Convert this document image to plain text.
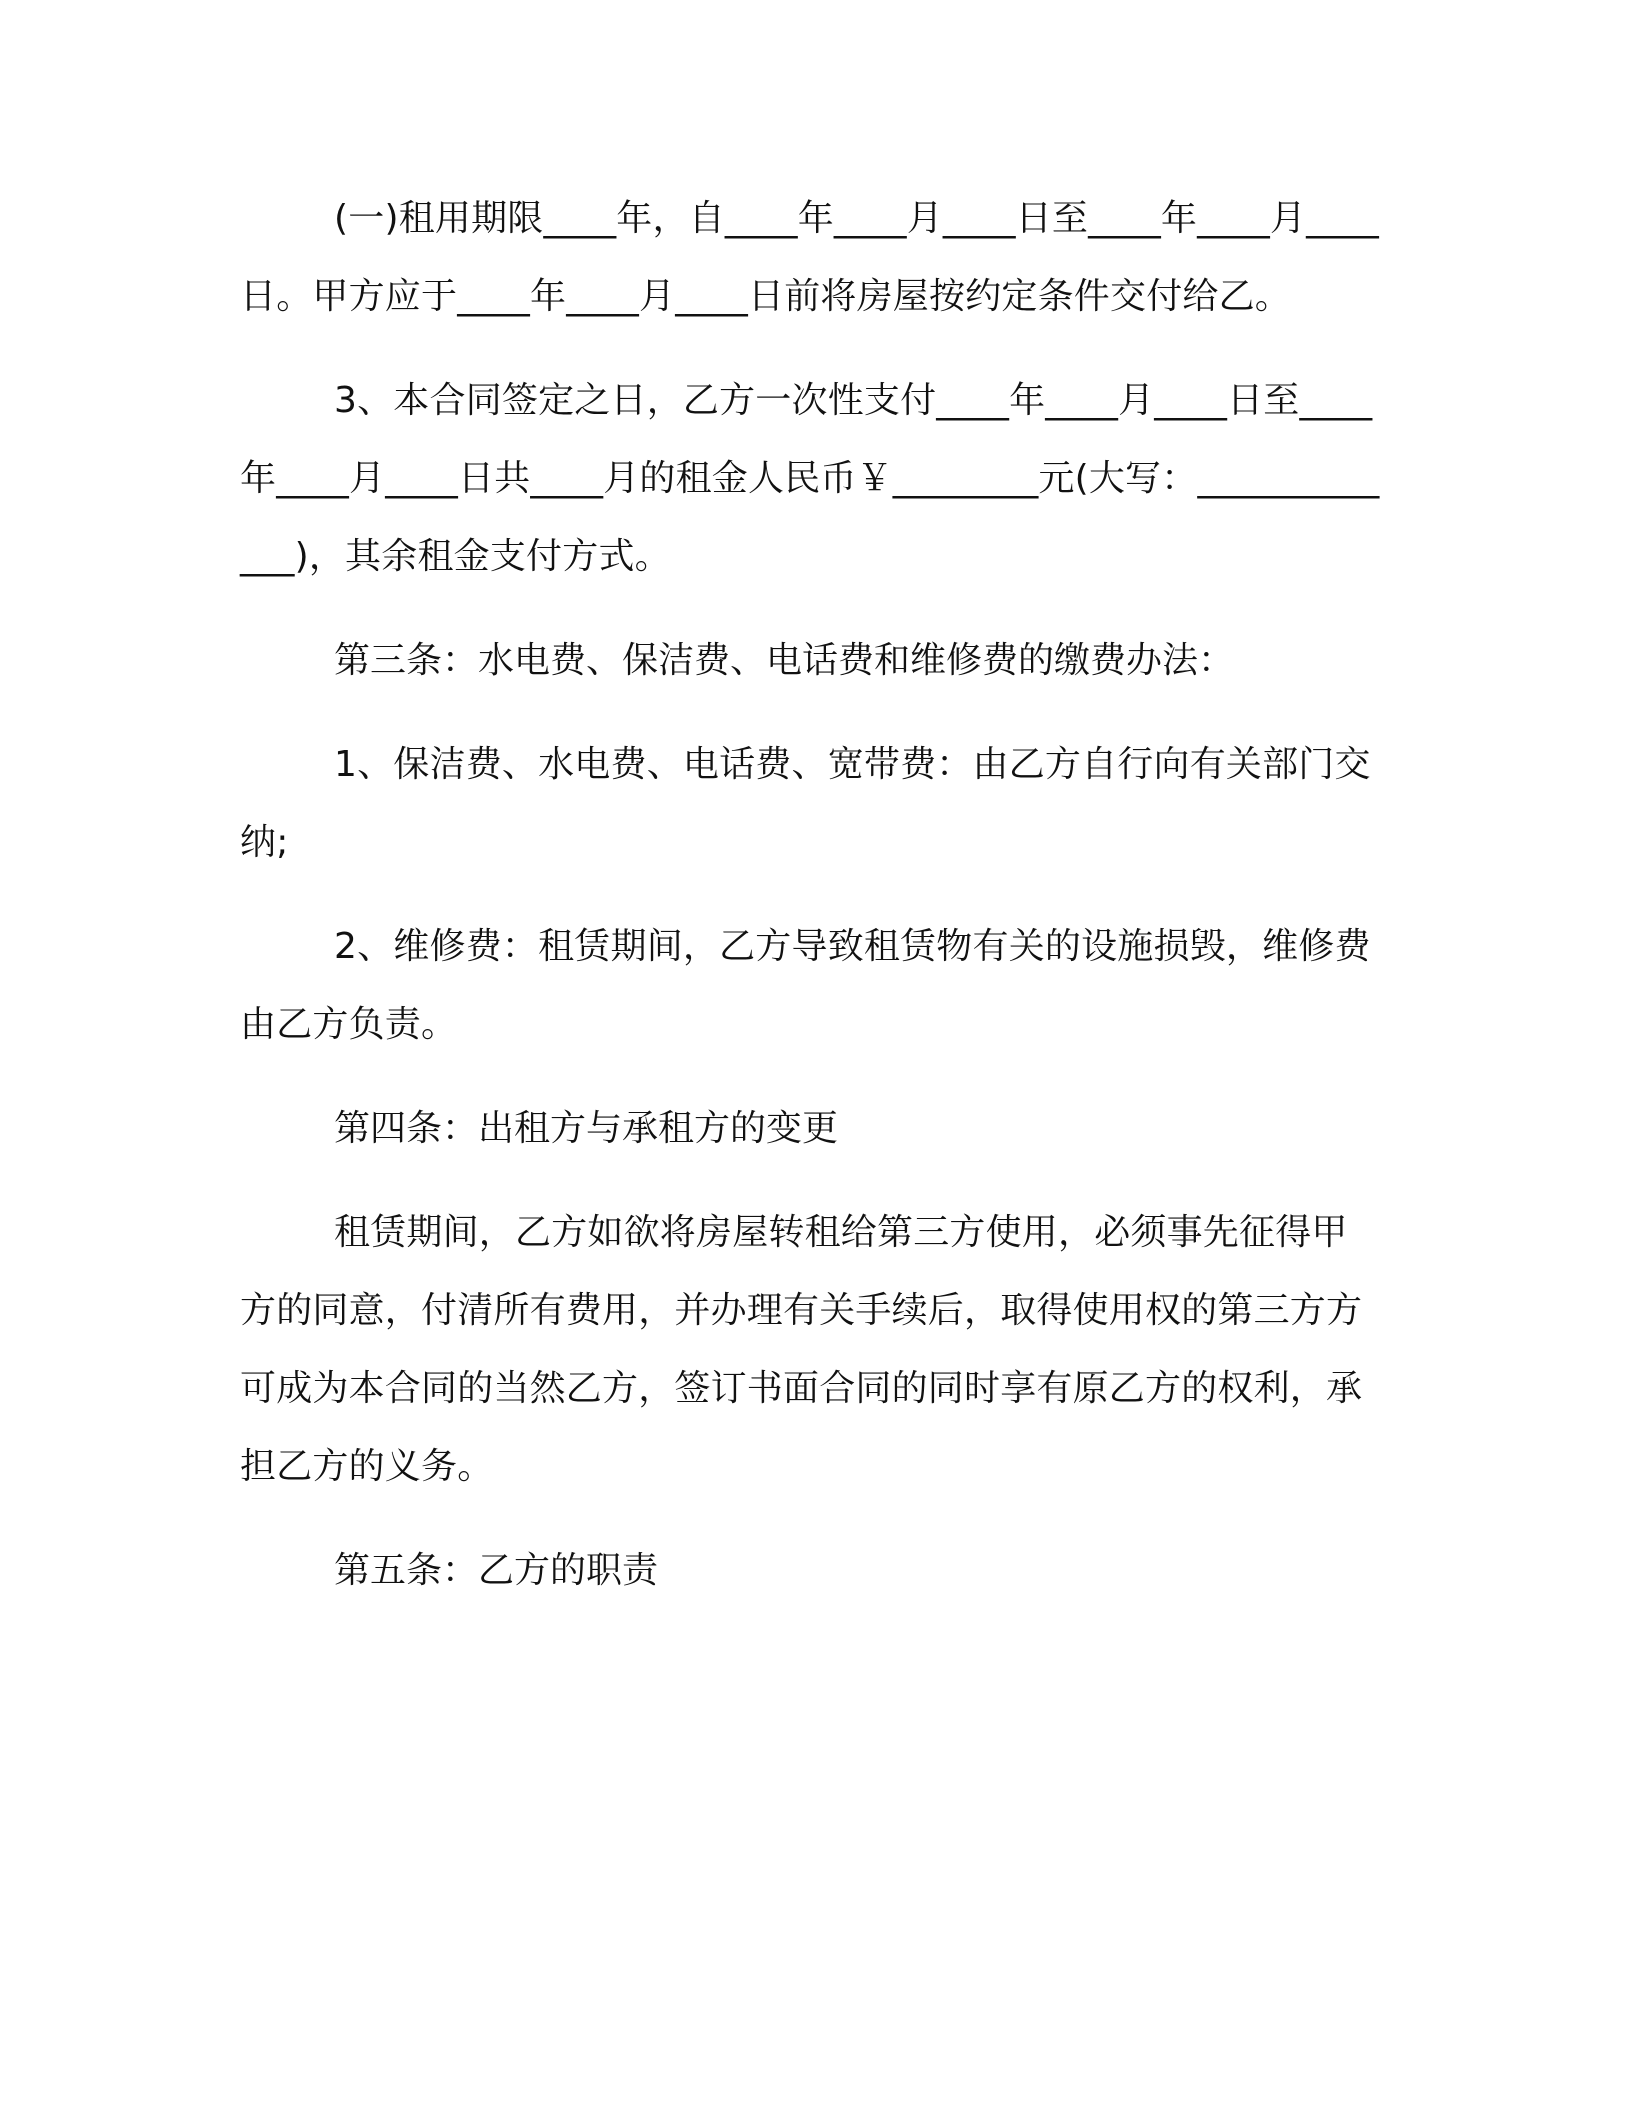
(一)租用期限____年，自____年____月____日至____年____月____日。甲方应于____年____月____日前将房屋按约定条件交付给乙。

3、本合同签定之日，乙方一次性支付____年____月____日至____年____月____日共____月的租金人民币￥________元(大写：_____________)，其余租金支付方式。

第三条：水电费、保洁费、电话费和维修费的缴费办法：

1、保洁费、水电费、电话费、宽带费：由乙方自行向有关部门交纳;

2、维修费：租赁期间，乙方导致租赁物有关的设施损毁，维修费由乙方负责。

第四条：出租方与承租方的变更

租赁期间，乙方如欲将房屋转租给第三方使用，必须事先征得甲方的同意，付清所有费用，并办理有关手续后，取得使用权的第三方方可成为本合同的当然乙方，签订书面合同的同时享有原乙方的权利，承担乙方的义务。

第五条：乙方的职责
